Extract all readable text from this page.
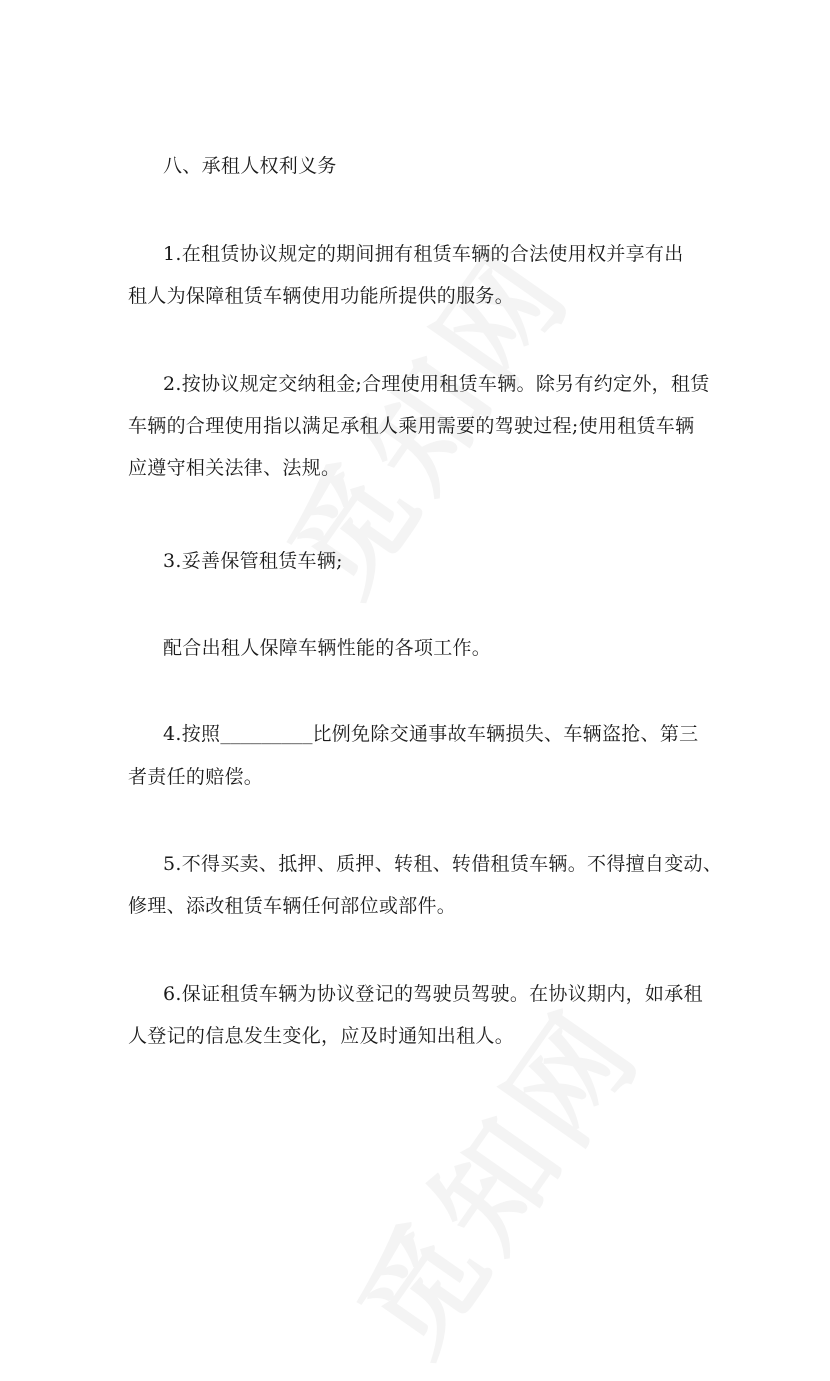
八、承租人权利义务

1.在租赁协议规定的期间拥有租赁车辆的合法使用权并享有出
租人为保障租赁车辆使用功能所提供的服务。

2.按协议规定交纳租金;合理使用租赁车辆。除另有约定外，租赁
车辆的合理使用指以满足承租人乘用需要的驾驶过程;使用租赁车辆
应遵守相关法律、法规。

3.妥善保管租赁车辆;

配合出租人保障车辆性能的各项工作。

4.按照_________比例免除交通事故车辆损失、车辆盗抢、第三
者责任的赔偿。

5.不得买卖、抵押、质押、转租、转借租赁车辆。不得擅自变动、
修理、添改租赁车辆任何部位或部件。

6.保证租赁车辆为协议登记的驾驶员驾驶。在协议期内，如承租
人登记的信息发生变化，应及时通知出租人。
